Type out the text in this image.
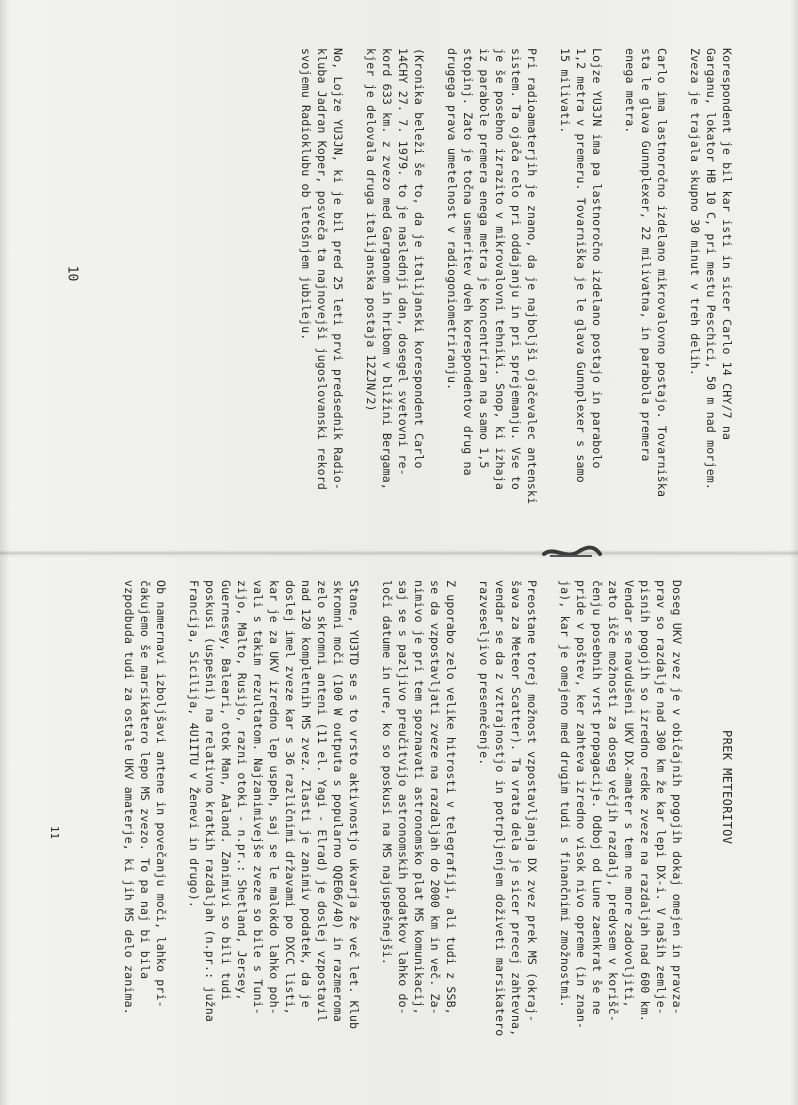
Korespondent je bil kar isti in sicer Carlo 14 CHY/7 na
Garganu, lokator HB 10 C, pri mestu Peschici, 50 m nad morjem.
Zveza je trajala skupno 30 minut v treh delih.

Carlo ima lastnoročno izdelano mikrovalovno postajo. Tovarniška
sta le glava Gunnplexer, 22 milivatna, in parabola premera
enega metra.

Lojze YU3JN ima pa lastnoročno izdelano postajo in parabolo
1,2 metra v premeru. Tovarniška je le glava Gunnplexer s samo
15 milivati.

Pri radioamaterjih je znano, da je najboljši ojačevalec antenski
sistem. Ta ojača celo pri oddajanju in pri sprejemanju. Vse to
je še posebno izrazito v mikrovalovni tehniki. Snop, ki izhaja
iz parabole premera enega metra je koncentriran na samo 1,5
stopinj. Zato je točna usmeritev dveh korespondentov drug na
drugega prava umetelnost v radiogoniometriranju.

(Kronika beleži še to, da je italijanski korespondent Carlo
14CHY 27. 7. 1979. to je naslednji dan, dosegel svetovni re-
kord 633 km. z zvezo med Garganom in hribom v bližini Bergama,
kjer je delovala druga italijanska postaja 12ZJN/2)

No, Lojze YU3JN, ki je bil pred 25 leti prvi predsednik Radio-
kluba Jadran Koper, posveča ta najnovejši jugoslovanski rekord
svojemu Radioklubu ob letošnjem jubileju.

10
PREK METEORITOV

Doseg UKV zvez je v običajnih pogojih dokaj omejen in pravza-
prav so razdalje nad 300 km že kar lepi DX-i. V naših zemlje-
pisnih pogojih so izredno redke zveze na razdaljah nad 600 km.
Vendar se navdušeni UKV DX-amater s tem ne more zadovoljiti,
zato išče možnosti za doseg večjih razdalj, predvsem v korišč-
čenju posebnih vrst propagacije. Odboj od Lune zaenkrat še ne
pride v poštev, ker zahteva izredno visok nivo opreme (in znan-
ja), kar je omejeno med drugim tudi s finančnimi zmožnostmi.

Preostane torej možnost vzpostavljanja DX zvez prek MS (okraj-
šava za Meteor Scatter). Ta vrata dela je sicer precej zahtevna,
vendar se da z vztrajnostjo in potrpljenjem doživeti marsikatero
razveseljivo presenečenje.

Z uporabo zelo velike hitrosti v telegrafiji, ali tudi z SSB,
se da vzpostavljati zveze na razdaljah do 2000 km in več. Za-
nimivo je pri tem spoznavati astronomsko plat MS komunikacij,
saj se s pazljivo preučitvijo astronomskih podatkov lahko do-
loči datume in ure, ko so poskusi na MS najuspešnejši.

Stane, YU3TD se s to vrsto aktivnostjo ukvarja že več let. Klub
skromni moči (100 W outputa s popularno QQE06/40) in razmeroma
zelo skromni anteni (11 el. Yagi - Elrad) je doslej vzpostavil
nad 120 kompletnih MS zvez. Zlasti je zanimiv podatek, da je
doslej imel zveze kar s 36 različnimi državami po DXCC listi,
kar je za UKV izredno lep uspeh, saj se le malokdo lahko poh-
vali s takim rezultatom. Najzanimivejše zveze so bile s Tuni-
zijo, Malto, Rusijo, razni otoki - n.pr.: Shetland, Jersey,
Guernesey, Baleari, otok Man, Ааland. Zanimivi so bili tudi
poskusi (uspešni) na relativno kratkih razdaljah (n.pr.: južna
Francija, Sicilija, 4U1ITU v Ženevi in drugo).

Ob namernavi izboljšavi antene in povečanju moči, lahko pri-
čakujemo še marsikatero lepo MS zvezo. To pa naj bi bila
vzpodbuda tudi za ostale UKV amaterje, ki jih MS delo zanima.

11
